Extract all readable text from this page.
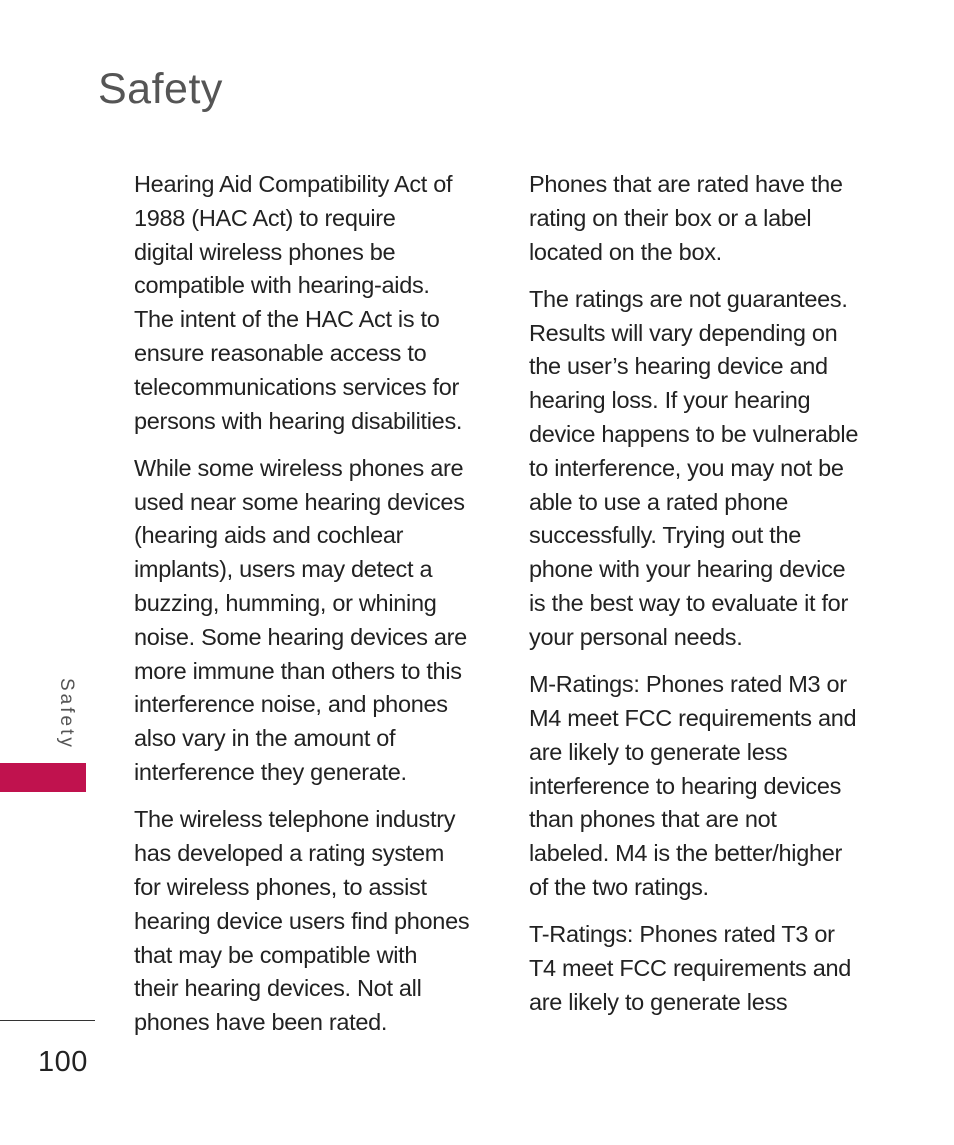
Safety

Hearing Aid Compatibility Act of
1988 (HAC Act) to require
digital wireless phones be
compatible with hearing-aids.
The intent of the HAC Act is to
ensure reasonable access to
telecommunications services for
persons with hearing disabilities.

While some wireless phones are
used near some hearing devices
(hearing aids and cochlear
implants), users may detect a
buzzing, humming, or whining
noise. Some hearing devices are
more immune than others to this
interference noise, and phones
also vary in the amount of
interference they generate.

The wireless telephone industry
has developed a rating system
for wireless phones, to assist
hearing device users find phones
that may be compatible with
their hearing devices. Not all
phones have been rated.

Phones that are rated have the
rating on their box or a label
located on the box.

The ratings are not guarantees.
Results will vary depending on
the user’s hearing device and
hearing loss. If your hearing
device happens to be vulnerable
to interference, you may not be
able to use a rated phone
successfully. Trying out the
phone with your hearing device
is the best way to evaluate it for
your personal needs.

M-Ratings: Phones rated M3 or
M4 meet FCC requirements and
are likely to generate less
interference to hearing devices
than phones that are not
labeled. M4 is the better/higher
of the two ratings.

T-Ratings: Phones rated T3 or
T4 meet FCC requirements and
are likely to generate less

Safety
100
